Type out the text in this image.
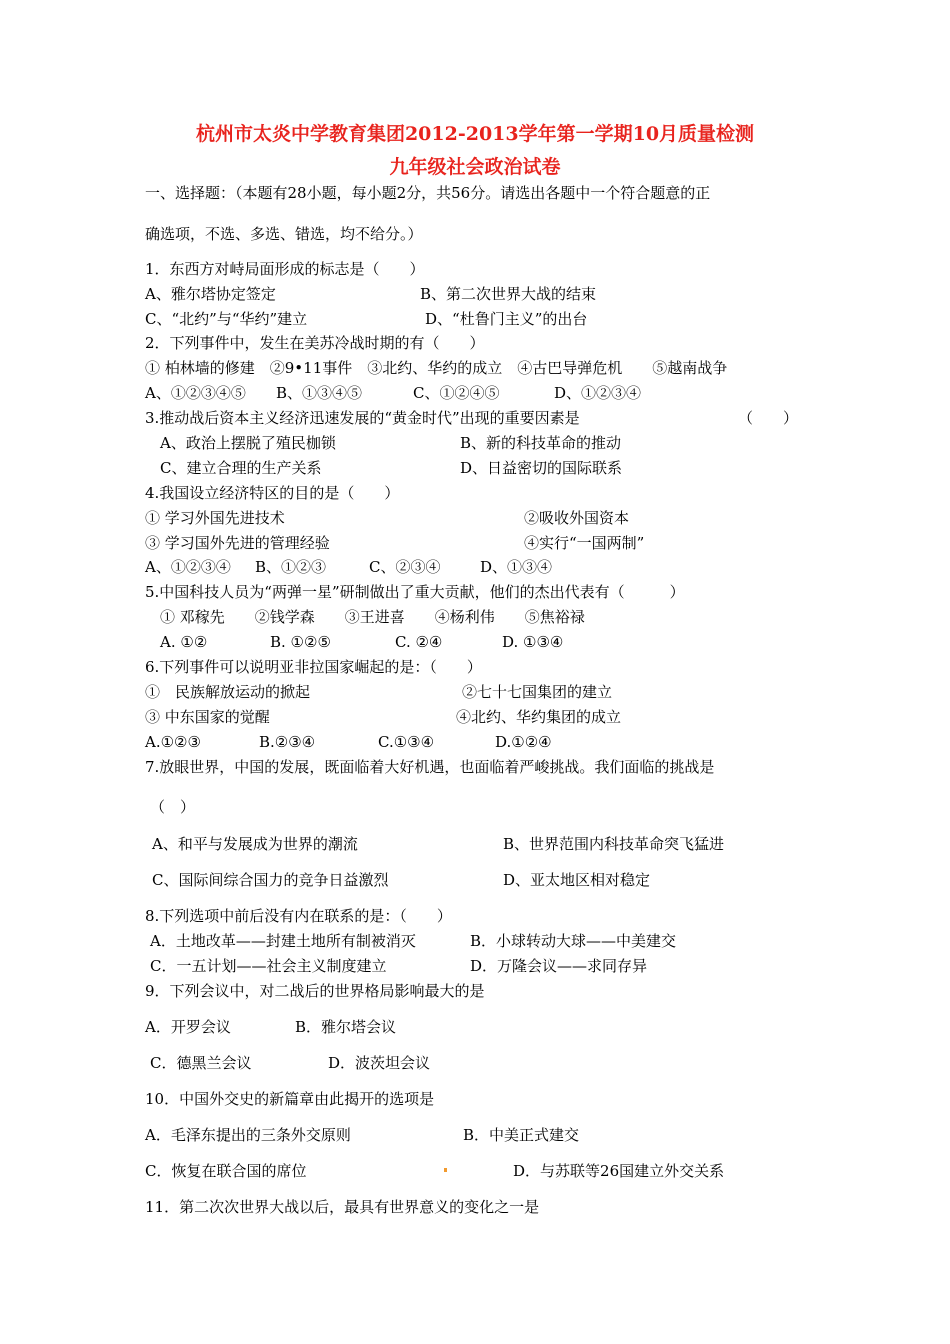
杭州市太炎中学教育集团2012-2013学年第一学期10月质量检测
九年级社会政治试卷
一、选择题：（本题有28小题，每小题2分，共56分。请选出各题中一个符合题意的正
确选项，不选、多选、错选，均不给分。）
1．东西方对峙局面形成的标志是（　　）
A、雅尔塔协定签定	B、第二次世界大战的结束
C、“北约”与“华约”建立	D、“杜鲁门主义”的出台
2．下列事件中，发生在美苏冷战时期的有（　　）
① 柏林墙的修建　②9•11事件　③北约、华约的成立　④古巴导弹危机　　⑤越南战争
A、①②③④⑤ B、①③④⑤	C、①②④⑤	D、①②③④
3.推动战后资本主义经济迅速发展的“黄金时代”出现的重要因素是	（　　）
A、政治上摆脱了殖民枷锁	B、新的科技革命的推动
C、建立合理的生产关系	D、日益密切的国际联系
4.我国设立经济特区的目的是（　　）
① 学习外国先进技术	②吸收外国资本
③ 学习国外先进的管理经验	④实行“一国两制”
A、①②③④ B、①②③	C、②③④	D、①③④
5.中国科技人员为“两弹一星”研制做出了重大贡献，他们的杰出代表有（　　　）
① 邓稼先　　②钱学森　　③王进喜　　④杨利伟　　⑤焦裕禄
A. ①②	B. ①②⑤	C. ②④	D. ①③④
6.下列事件可以说明亚非拉国家崛起的是：（　　）
①　民族解放运动的掀起	②七十七国集团的建立
③ 中东国家的觉醒	④北约、华约集团的成立
A.①②③	B.②③④	C.①③④	D.①②④
7.放眼世界，中国的发展，既面临着大好机遇，也面临着严峻挑战。我们面临的挑战是
（　）
A、和平与发展成为世界的潮流	B、世界范围内科技革命突飞猛进
C、国际间综合国力的竞争日益激烈	D、亚太地区相对稳定
8.下列选项中前后没有内在联系的是：（　　）
A．土地改革——封建土地所有制被消灭	B．小球转动大球——中美建交
C．一五计划——社会主义制度建立	D．万隆会议——求同存异
9．下列会议中，对二战后的世界格局影响最大的是
A．开罗会议	B．雅尔塔会议
C．德黑兰会议	D．波茨坦会议
10．中国外交史的新篇章由此揭开的选项是
A．毛泽东提出的三条外交原则	B．中美正式建交
C．恢复在联合国的席位	D．与苏联等26国建立外交关系
11．第二次次世界大战以后，最具有世界意义的变化之一是
